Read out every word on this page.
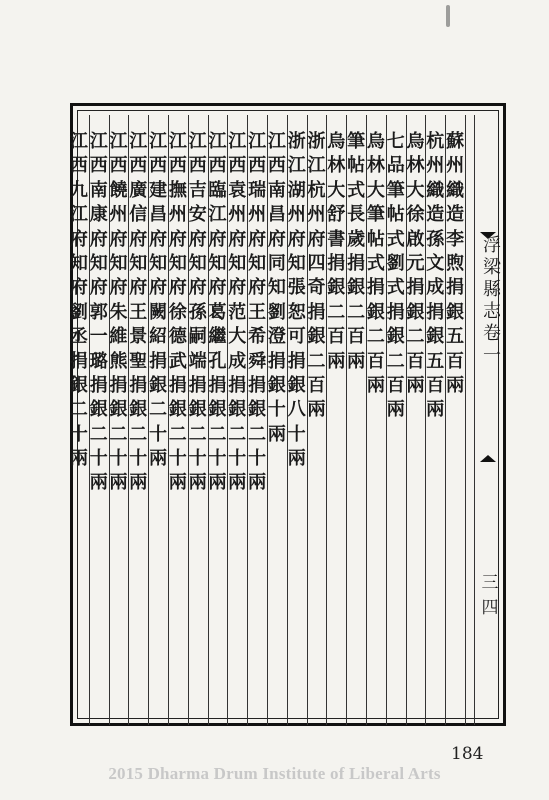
蘇
州
織
造
李
煦
捐
銀
五
百
兩
杭
州
織
造
孫
文
成
捐
銀
五
百
兩
烏
林
大
徐
啟
元
捐
銀
二
百
兩
七
品
筆
帖
式
劉
式
捐
銀
二
百
兩
烏
林
大
筆
帖
式
捐
銀
二
百
兩
筆
帖
式
長
歲
捐
銀
二
百
兩
烏
林
大
舒
書
捐
銀
二
百
兩
浙
江
杭
州
府
四
奇
捐
銀
二
百
兩
浙
江
湖
州
府
知
張
恕
可
捐
銀
八
十
兩
江
西
南
昌
府
同
知
劉
澄
捐
銀
十
兩
江
西
瑞
州
府
知
府
王
希
舜
捐
銀
二
十
兩
江
西
袁
州
府
知
府
范
大
成
捐
銀
二
十
兩
江
西
臨
江
府
知
府
葛
繼
孔
捐
銀
二
十
兩
江
西
吉
安
府
知
府
孫
嗣
端
捐
銀
二
十
兩
江
西
撫
州
府
知
府
徐
德
武
捐
銀
二
十
兩
江
西
建
昌
府
知
府
闕
紹
捐
銀
二
十
兩
江
西
廣
信
府
知
府
王
景
聖
捐
銀
二
十
兩
江
西
饒
州
府
知
府
朱
維
熊
捐
銀
二
十
兩
江
西
南
康
府
知
府
郭
一
璐
捐
銀
二
十
兩
江
西
九
江
府
知
府
劉
丞
捐
銀
二
十
兩
浮
梁
縣
志
卷
一
三
四
184
2015 Dharma Drum Institute of Liberal Arts
